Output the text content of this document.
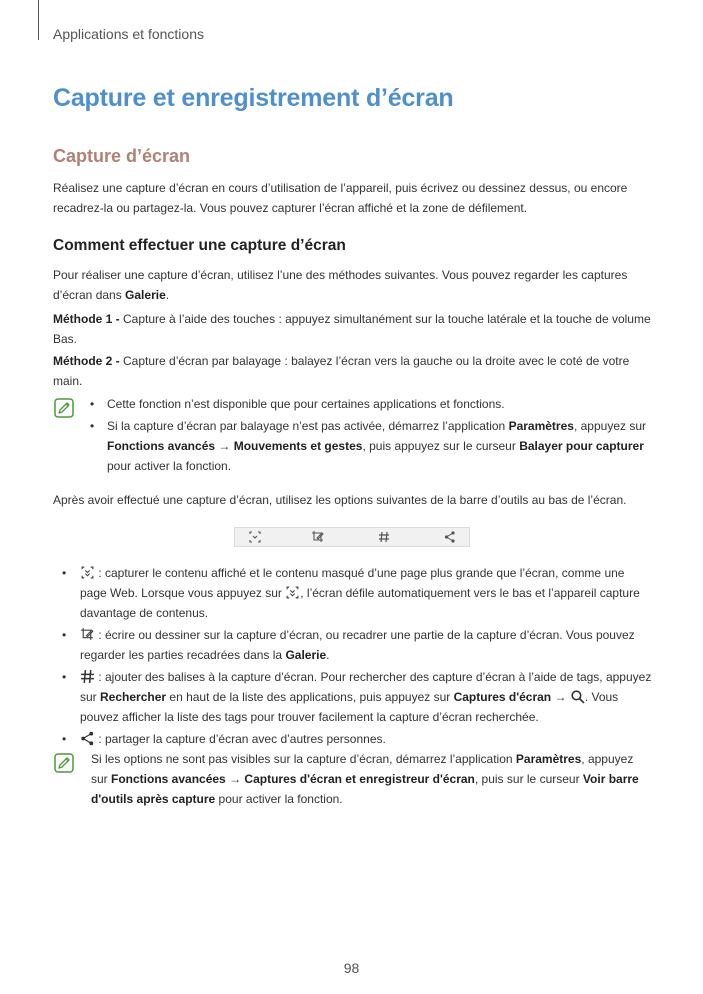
Applications et fonctions
Capture et enregistrement d’écran
Capture d’écran

Réalisez une capture d’écran en cours d’utilisation de l’appareil, puis écrivez ou dessinez dessus, ou encore recadrez-la ou partagez-la. Vous pouvez capturer l’écran affiché et la zone de défilement.

Comment effectuer une capture d’écran

Pour réaliser une capture d’écran, utilisez l’une des méthodes suivantes. Vous pouvez regarder les captures d’écran dans Galerie.

Méthode 1 - Capture à l’aide des touches : appuyez simultanément sur la touche latérale et la touche de volume Bas.

Méthode 2 - Capture d’écran par balayage : balayez l’écran vers la gauche ou la droite avec le coté de votre main.

• Cette fonction n’est disponible que pour certaines applications et fonctions.

• Si la capture d’écran par balayage n’est pas activée, démarrez l’application Paramètres, appuyez sur Fonctions avancés → Mouvements et gestes, puis appuyez sur le curseur Balayer pour capturer pour activer la fonction.

Après avoir effectué une capture d’écran, utilisez les options suivantes de la barre d’outils au bas de l’écran.

•	: capturer le contenu affiché et le contenu masqué d’une page plus grande que l’écran, comme une page Web. Lorsque vous appuyez sur , l’écran défile automatiquement vers le bas et l’appareil capture davantage de contenus.

•	: écrire ou dessiner sur la capture d’écran, ou recadrer une partie de la capture d’écran. Vous pouvez regarder les parties recadrées dans la Galerie.

•	: ajouter des balises à la capture d’écran. Pour rechercher des capture d’écran à l’aide de tags, appuyez sur Rechercher en haut de la liste des applications, puis appuyez sur Captures d'écran → . Vous pouvez afficher la liste des tags pour trouver facilement la capture d’écran recherchée.

•	: partager la capture d’écran avec d’autres personnes.

Si les options ne sont pas visibles sur la capture d’écran, démarrez l’application Paramètres, appuyez sur Fonctions avancées → Captures d'écran et enregistreur d'écran, puis sur le curseur Voir barre d'outils après capture pour activer la fonction.

98
